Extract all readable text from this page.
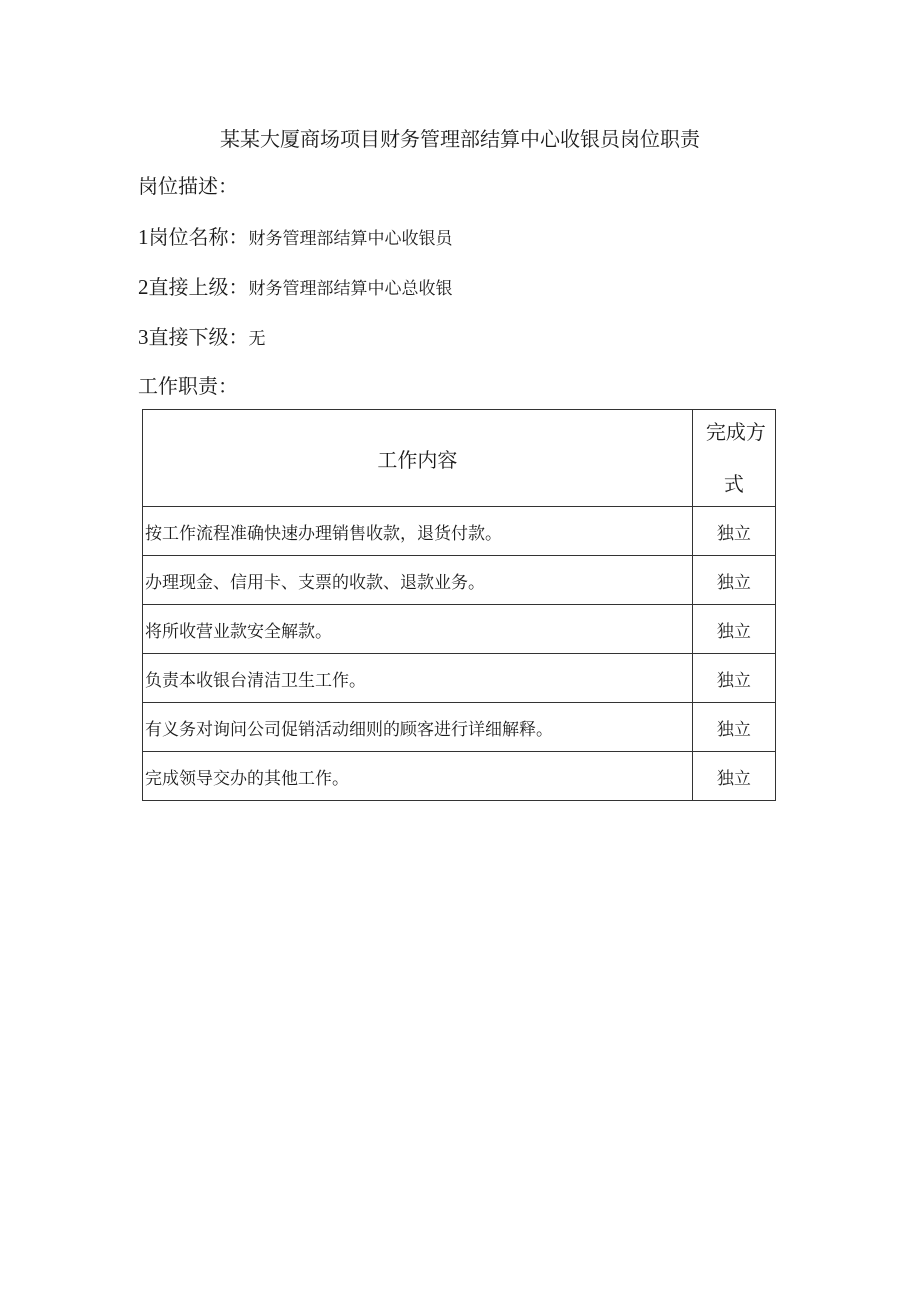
某某大厦商场项目财务管理部结算中心收银员岗位职责
岗位描述：
1岗位名称：财务管理部结算中心收银员
2直接上级：财务管理部结算中心总收银
3直接下级：无
工作职责：
工作内容	完成方
式

按工作流程准确快速办理销售收款，退货付款。	独立
办理现金、信用卡、支票的收款、退款业务。	独立
将所收营业款安全解款。	独立
负责本收银台清洁卫生工作。	独立
有义务对询问公司促销活动细则的顾客进行详细解释。	独立
完成领导交办的其他工作。	独立
